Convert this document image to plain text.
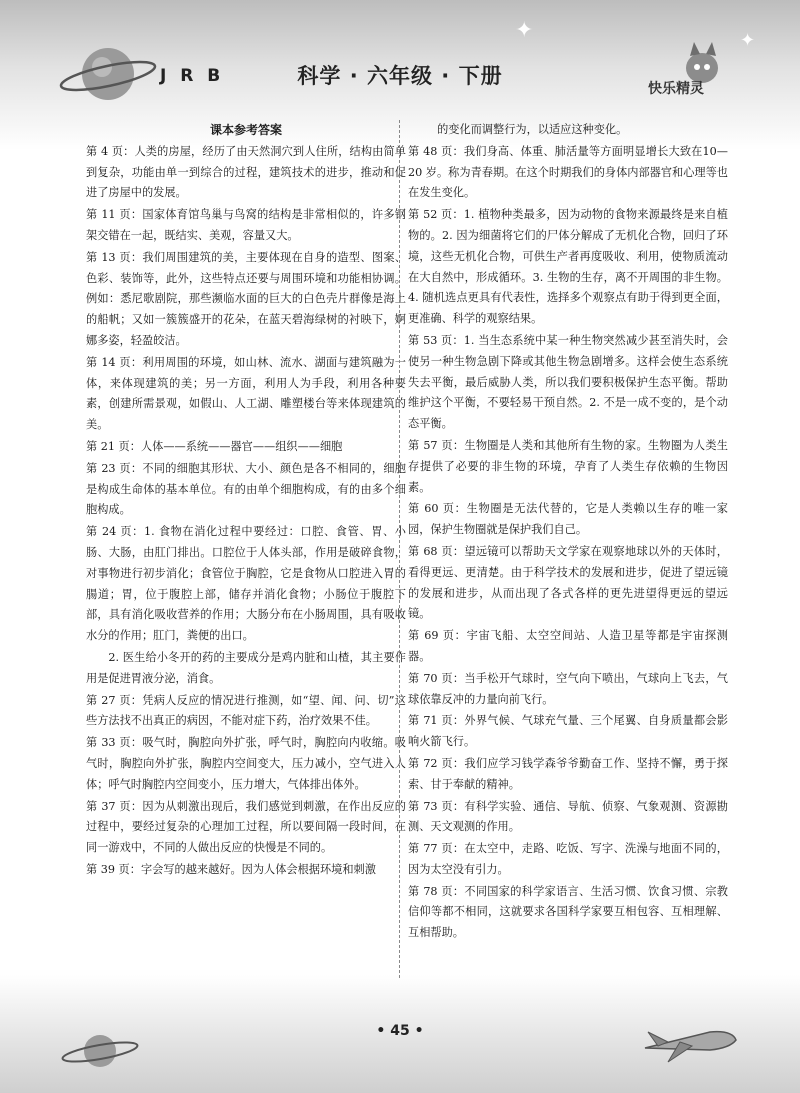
J R B	科学 · 六年级 · 下册
快乐精灵
✦	✦
课本参考答案
第 4 页：人类的房屋，经历了由天然洞穴到人住所，结构由简单到复杂，功能由单一到综合的过程，建筑技术的进步，推动和促进了房屋中的发展。
第 11 页：国家体育馆鸟巢与鸟窝的结构是非常相似的，许多钢架交错在一起，既结实、美观，容量又大。
第 13 页：我们周围建筑的美，主要体现在自身的造型、图案、色彩、装饰等，此外，这些特点还要与周围环境和功能相协调。例如：悉尼歌剧院，那些濒临水面的巨大的白色壳片群像是海上的船帆；又如一簇簇盛开的花朵，在蓝天碧海绿树的衬映下，婀娜多姿，轻盈皎洁。
第 14 页：利用周围的环境，如山林、流水、湖面与建筑融为一体，来体现建筑的美；另一方面，利用人为手段，利用各种要素，创建所需景观，如假山、人工湖、雕塑楼台等来体现建筑的美。
第 21 页：人体——系统——器官——组织——细胞
第 23 页：不同的细胞其形状、大小、颜色是各不相同的，细胞是构成生命体的基本单位。有的由单个细胞构成，有的由多个细胞构成。
第 24 页：1. 食物在消化过程中要经过：口腔、食管、胃、小肠、大肠，由肛门排出。口腔位于人体头部，作用是破碎食物，对事物进行初步消化；食管位于胸腔，它是食物从口腔进入胃的腸道；胃，位于腹腔上部，储存并消化食物；小肠位于腹腔下部，具有消化吸收营养的作用；大肠分布在小肠周围，具有吸收水分的作用；肛门，粪便的出口。
2. 医生给小冬开的药的主要成分是鸡内脏和山楂，其主要作用是促进胃液分泌，消食。
第 27 页：凭病人反应的情况进行推测，如“望、闻、问、切”这些方法找不出真正的病因，不能对症下药，治疗效果不佳。
第 33 页：吸气时，胸腔向外扩张，呼气时，胸腔向内收缩。吸气时，胸腔向外扩张，胸腔内空间变大，压力减小，空气进入人体；呼气时胸腔内空间变小，压力增大，气体排出体外。
第 37 页：因为从刺激出现后，我们感觉到刺激，在作出反应的过程中，要经过复杂的心理加工过程，所以要间隔一段时间，在同一游戏中，不同的人做出反应的快慢是不同的。
第 39 页：字会写的越来越好。因为人体会根据环境和刺激
的变化而调整行为，以适应这种变化。
第 48 页：我们身高、体重、肺活量等方面明显增长大致在10—20 岁。称为青春期。在这个时期我们的身体内部器官和心理等也在发生变化。
第 52 页：1. 植物种类最多，因为动物的食物来源最终是来自植物的。2. 因为细菌将它们的尸体分解成了无机化合物，回归了环境，这些无机化合物，可供生产者再度吸收、利用，使物质流动在大自然中，形成循环。3. 生物的生存，离不开周围的非生物。4. 随机选点更具有代表性，选择多个观察点有助于得到更全面，更准确、科学的观察结果。
第 53 页：1. 当生态系统中某一种生物突然减少甚至消失时，会使另一种生物急剧下降或其他生物急剧增多。这样会使生态系统失去平衡，最后威胁人类，所以我们要积极保护生态平衡。帮助维护这个平衡，不要轻易干预自然。2. 不是一成不变的，是个动态平衡。
第 57 页：生物圈是人类和其他所有生物的家。生物圈为人类生存提供了必要的非生物的环境，孕育了人类生存依赖的生物因素。
第 60 页：生物圈是无法代替的，它是人类赖以生存的唯一家园，保护生物圈就是保护我们自己。
第 68 页：望远镜可以帮助天文学家在观察地球以外的天体时，看得更远、更清楚。由于科学技术的发展和进步，促进了望远镜的发展和进步，从而出现了各式各样的更先进望得更远的望远镜。
第 69 页：宇宙飞船、太空空间站、人造卫星等都是宇宙探测器。
第 70 页：当手松开气球时，空气向下喷出，气球向上飞去，气球依靠反冲的力量向前飞行。
第 71 页：外界气候、气球充气量、三个尾翼、自身质量都会影响火箭飞行。
第 72 页：我们应学习钱学森爷爷勤奋工作、坚持不懈，勇于探索、甘于奉献的精神。
第 73 页：有科学实验、通信、导航、侦察、气象观测、资源勘测、天文观测的作用。
第 77 页：在太空中，走路、吃饭、写字、洗澡与地面不同的，因为太空没有引力。
第 78 页：不同国家的科学家语言、生活习惯、饮食习惯、宗教信仰等都不相同，这就要求各国科学家要互相包容、互相理解、互相帮助。
• 45 •
